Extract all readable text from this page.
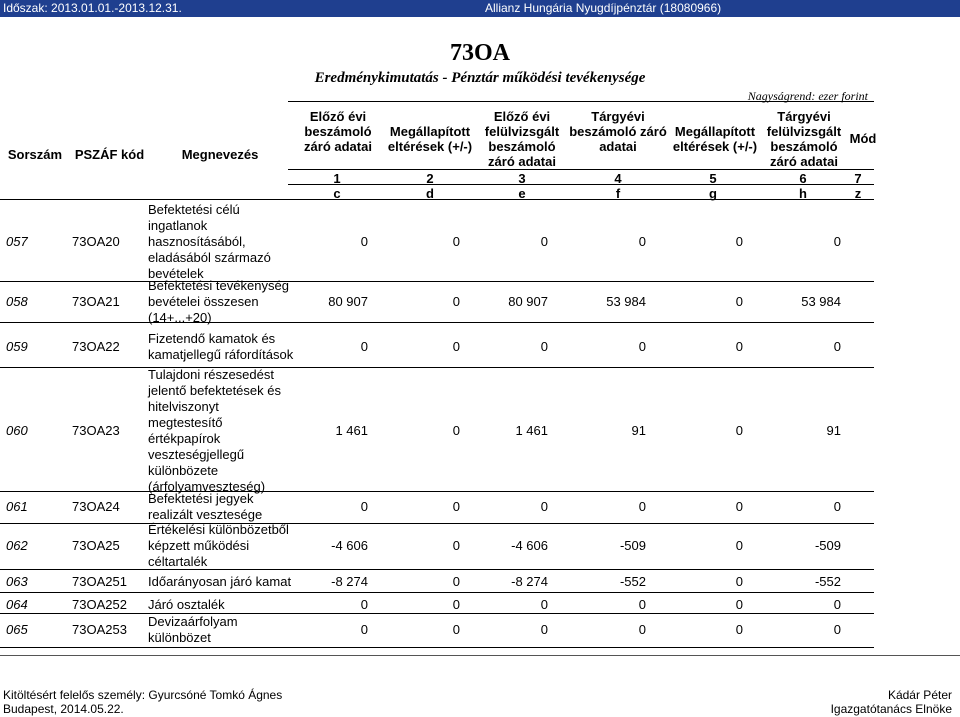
Időszak: 2013.01.01.-2013.12.31.	Allianz Hungária Nyugdíjpénztár (18080966)
73OA
Eredménykimutatás - Pénztár működési tevékenysége
Nagyságrend: ezer forint
Sorszám PSZÁF kód	Megnevezés
Előző évi
beszámoló
záró adatai
Megállapított
eltérések (+/-)
Előző évi
felülvizsgált
beszámoló
záró adatai
Tárgyévi
beszámoló záró
adatai
Megállapított
eltérések (+/-)
Tárgyévi
felülvizsgált
beszámoló
záró adatai
Mód
1	2	3	4	5	6	7
c	d	e	f	g	h	z
057	73OA20
Befektetési célú
ingatlanok
hasznosításából,
eladásából származó
bevételek
0	0	0	0	0	0
058	73OA21
Befektetési tevékenység
bevételei összesen
(14+...+20)
80 907	0	80 907	53 984	0	53 984
059	73OA22
Fizetendő kamatok és
kamatjellegű ráfordítások
0	0	0	0	0	0
060	73OA23
Tulajdoni részesedést
jelentő befektetések és
hitelviszonyt
megtestesítő
értékpapírok
veszteségjellegű
különbözete
(árfolyamveszteség)
1 461	0	1 461	91	0	91
061	73OA24
Befektetési jegyek
realizált vesztesége
0	0	0	0	0	0
062	73OA25
Értékelési különbözetből
képzett működési
céltartalék
-4 606	0	-4 606	-509	0	-509
063	73OA251 Időarányosan járó kamat	-8 274	0	-8 274	-552	0	-552
064	73OA252 Járó osztalék	0	0	0	0	0	0
065	73OA253
Devizaárfolyam
különbözet
0	0	0	0	0	0
Kitöltésért felelős személy: Gyurcsóné Tomkó Ágnes
Budapest, 2014.05.22.
Kádár Péter
Igazgatótanács Elnöke
